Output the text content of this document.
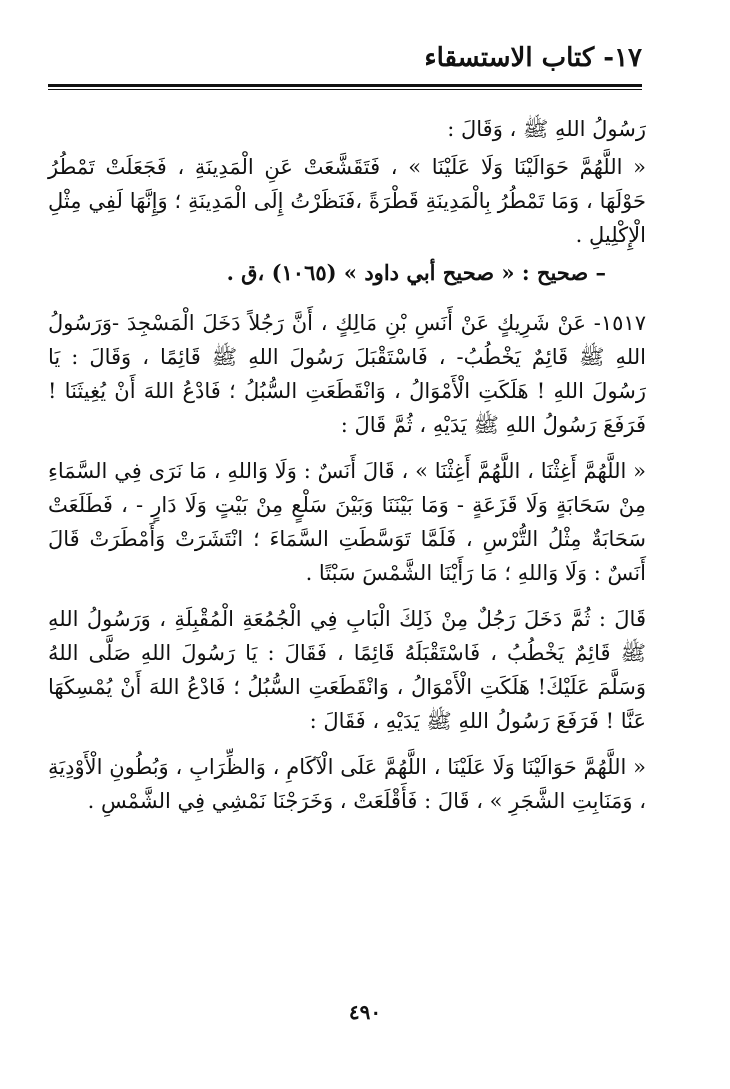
١٧- كتاب الاستسقاء

رَسُولُ اللهِ ﷺ ، وَقَالَ :

« اللَّهُمَّ حَوَالَيْنَا وَلَا عَلَيْنَا » ، فَتَقَشَّعَتْ عَنِ الْمَدِينَةِ ، فَجَعَلَتْ تَمْطُرُ حَوْلَهَا ، وَمَا تَمْطُرُ بِالْمَدِينَةِ قَطْرَةً ،فَنَظَرْتُ إِلَى الْمَدِينَةِ ؛ وَإِنَّهَا لَفِي مِثْلِ الْإِكْلِيلِ .

– صحيح : « صحيح أبي داود » (١٠٦٥) ،ق .

١٥١٧- عَنْ شَرِيكٍ عَنْ أَنَسِ بْنِ مَالِكٍ ، أَنَّ رَجُلاً دَخَلَ الْمَسْجِدَ -وَرَسُولُ اللهِ ﷺ قَائِمٌ يَخْطُبُ- ، فَاسْتَقْبَلَ رَسُولَ اللهِ ﷺ قَائِمًا ، وَقَالَ : يَا رَسُولَ اللهِ ! هَلَكَتِ الْأَمْوَالُ ، وَانْقَطَعَتِ السُّبُلُ ؛ فَادْعُ اللهَ أَنْ يُغِيثَنَا ! فَرَفَعَ رَسُولُ اللهِ ﷺ يَدَيْهِ ، ثُمَّ قَالَ :

« اللَّهُمَّ أَغِثْنَا ، اللَّهُمَّ أَغِثْنَا » ، قَالَ أَنَسٌ : وَلَا وَاللهِ ، مَا نَرَى فِي السَّمَاءِ مِنْ سَحَابَةٍ وَلَا قَزَعَةٍ - وَمَا بَيْنَنَا وَبَيْنَ سَلْعٍ مِنْ بَيْتٍ وَلَا دَارٍ - ، فَطَلَعَتْ سَحَابَةٌ مِثْلُ التُّرْسِ ، فَلَمَّا تَوَسَّطَتِ السَّمَاءَ ؛ انْتَشَرَتْ وَأَمْطَرَتْ قَالَ أَنَسٌ : وَلَا وَاللهِ ؛ مَا رَأَيْنَا الشَّمْسَ سَبْتًا .

قَالَ : ثُمَّ دَخَلَ رَجُلٌ مِنْ ذَلِكَ الْبَابِ فِي الْجُمُعَةِ الْمُقْبِلَةِ ، وَرَسُولُ اللهِ ﷺ قَائِمٌ يَخْطُبُ ، فَاسْتَقْبَلَهُ قَائِمًا ، فَقَالَ : يَا رَسُولَ اللهِ صَلَّى اللهُ وَسَلَّمَ عَلَيْكَ! هَلَكَتِ الْأَمْوَالُ ، وَانْقَطَعَتِ السُّبُلُ ؛ فَادْعُ اللهَ أَنْ يُمْسِكَهَا عَنَّا ! فَرَفَعَ رَسُولُ اللهِ ﷺ يَدَيْهِ ، فَقَالَ :

« اللَّهُمَّ حَوَالَيْنَا وَلَا عَلَيْنَا ، اللَّهُمَّ عَلَى الْآكَامِ ، وَالظِّرَابِ ، وَبُطُونِ الْأَوْدِيَةِ ، وَمَنَابِتِ الشَّجَرِ » ، قَالَ : فَأَقْلَعَتْ ، وَخَرَجْنَا نَمْشِي فِي الشَّمْسِ .

٤٩٠
